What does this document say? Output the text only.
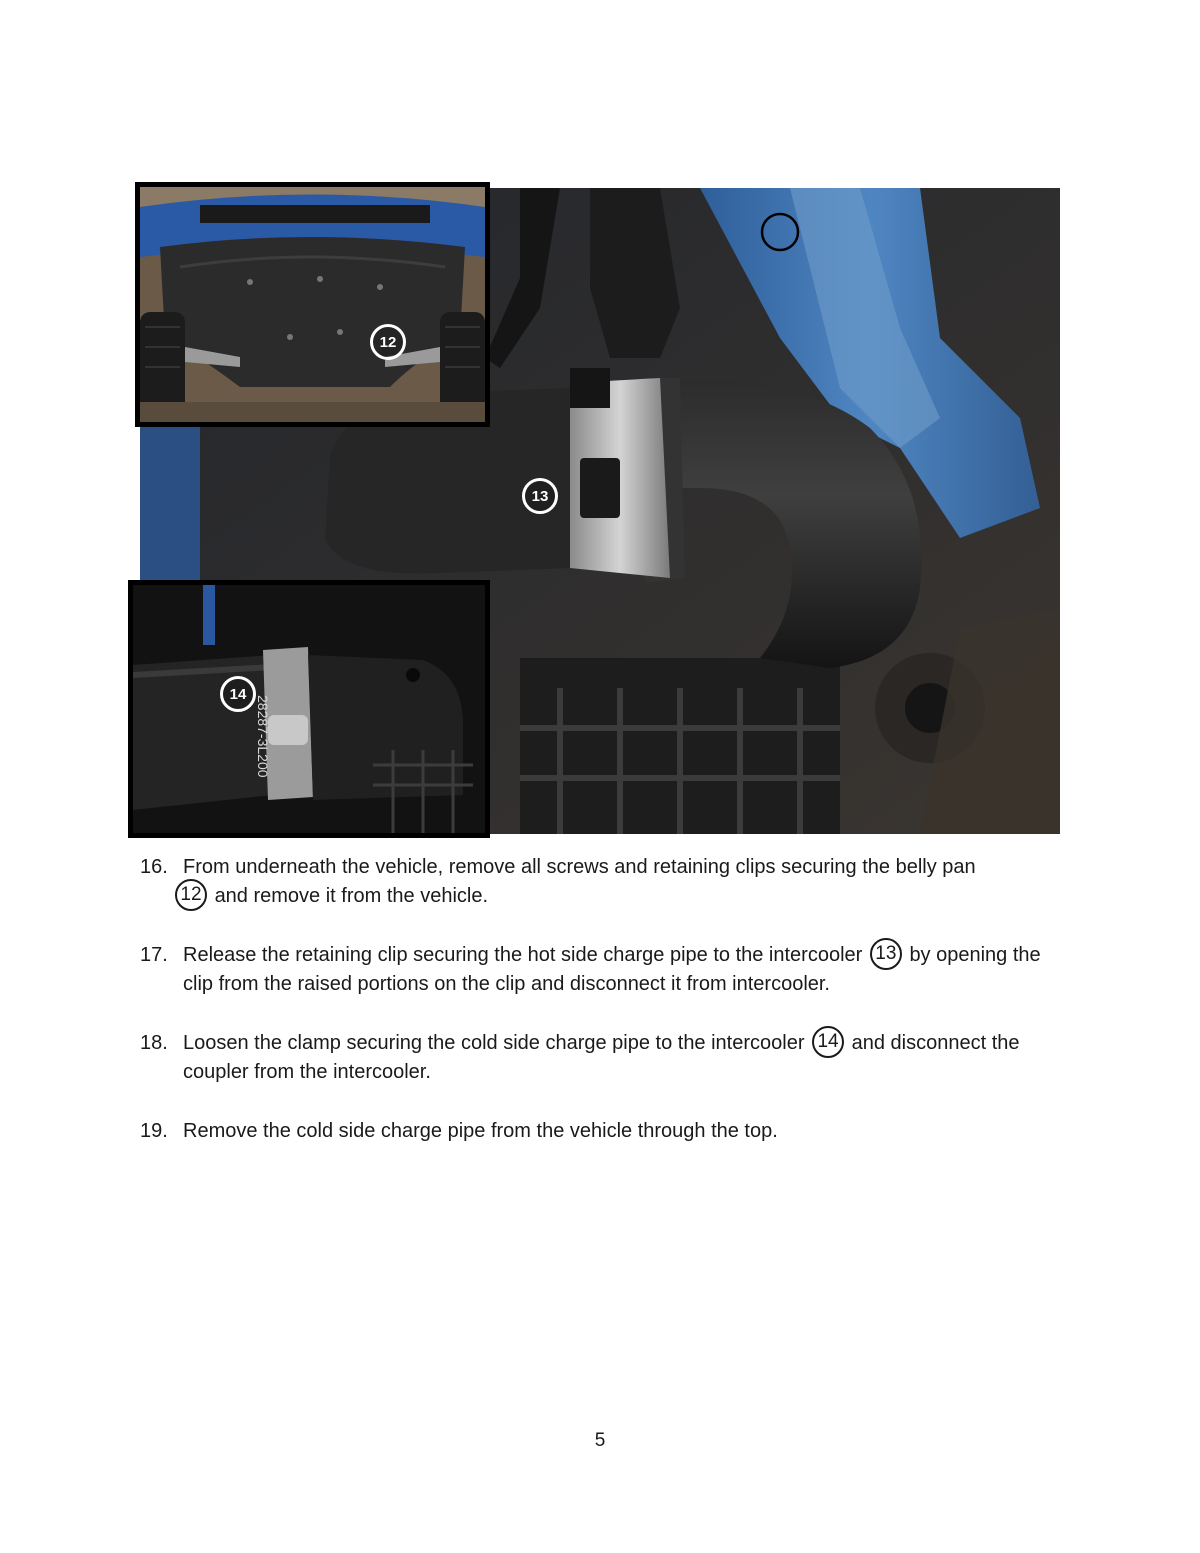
13
12
28287-3L200
14
16. From underneath the vehicle, remove all screws and retaining clips securing the belly pan
12 and remove it from the vehicle.
17. Release the retaining clip securing the hot side charge pipe to the intercooler 13 by opening the clip from the raised portions on the clip and disconnect it from intercooler.
18. Loosen the clamp securing the cold side charge pipe to the intercooler 14 and disconnect the coupler from the intercooler.
19. Remove the cold side charge pipe from the vehicle through the top.
5
